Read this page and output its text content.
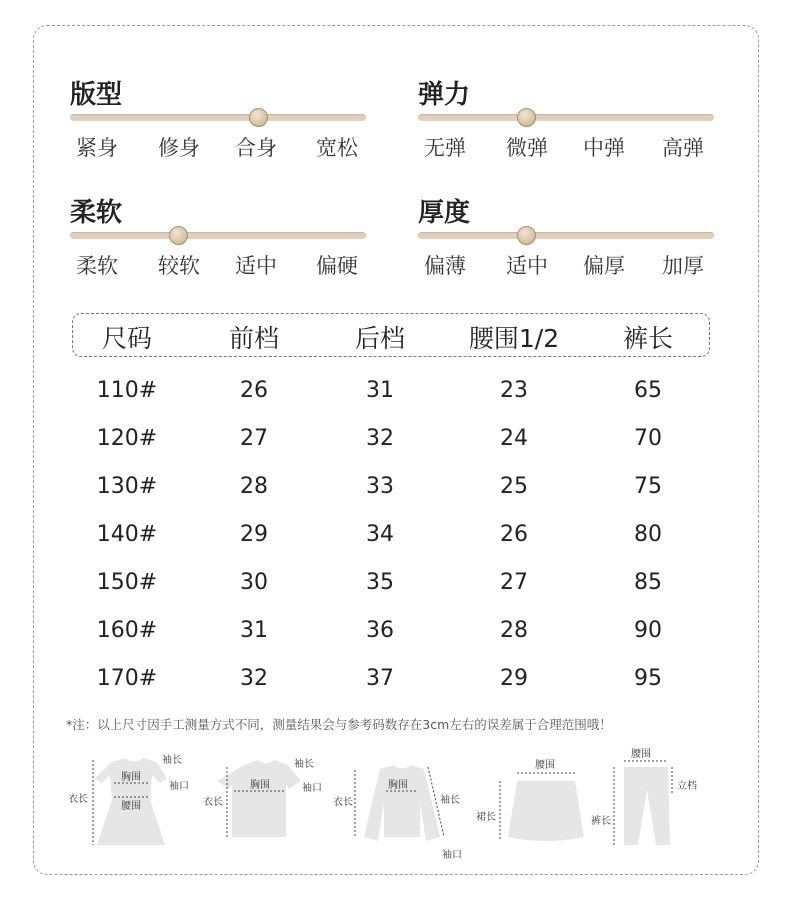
版型
紧身 修身 合身 宽松
弹力
无弹 微弹 中弹 高弹
柔软
柔软 较软 适中 偏硬
厚度
偏薄 适中 偏厚 加厚
尺码	前档	后档	腰围1/2	裤长
110#	26	31	23	65
120#	27	32	24	70
130#	28	33	25	75
140#	29	34	26	80
150#	30	35	27	85
160#	31	36	28	90
170#	32	37	29	95
*注：以上尺寸因手工测量方式不同，测量结果会与参考码数存在3cm左右的误差属于合理范围哦！
衣长
胸围
腰围
袖长
袖口
衣长
胸围
袖长
袖口
衣长
胸围
袖长
袖口
腰围
裙长
腰围
立档
裤长
